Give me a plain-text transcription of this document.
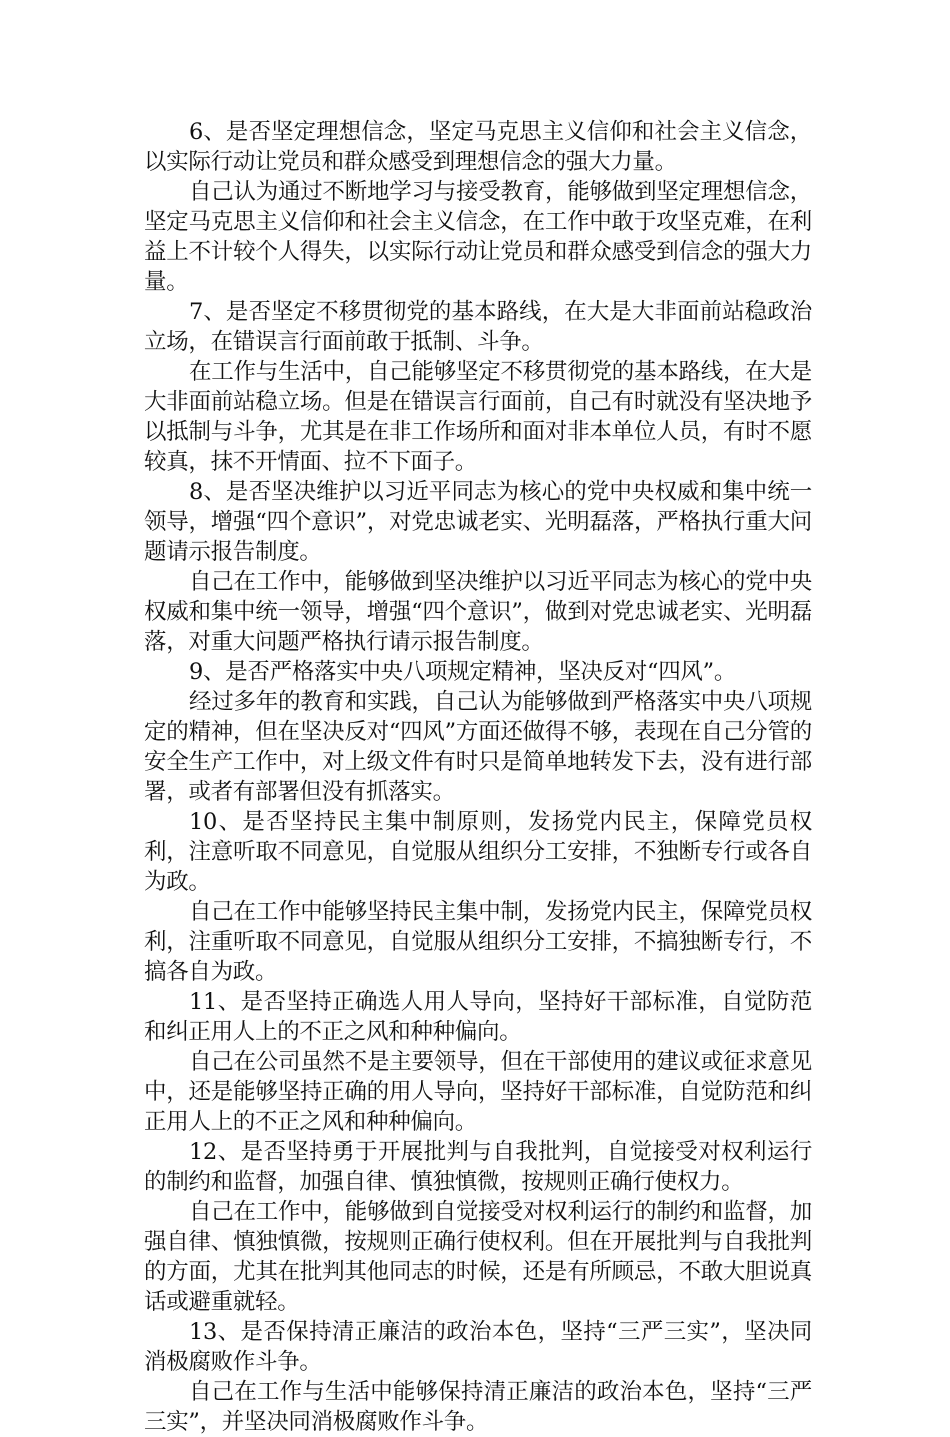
6、是否坚定理想信念，坚定马克思主义信仰和社会主义信念，以实际行动让党员和群众感受到理想信念的强大力量。

自己认为通过不断地学习与接受教育，能够做到坚定理想信念，坚定马克思主义信仰和社会主义信念，在工作中敢于攻坚克难，在利益上不计较个人得失，以实际行动让党员和群众感受到信念的强大力量。

7、是否坚定不移贯彻党的基本路线，在大是大非面前站稳政治立场，在错误言行面前敢于抵制、斗争。

在工作与生活中，自己能够坚定不移贯彻党的基本路线，在大是大非面前站稳立场。但是在错误言行面前，自己有时就没有坚决地予以抵制与斗争，尤其是在非工作场所和面对非本单位人员，有时不愿较真，抹不开情面、拉不下面子。

8、是否坚决维护以习近平同志为核心的党中央权威和集中统一领导，增强“四个意识”，对党忠诚老实、光明磊落，严格执行重大问题请示报告制度。

自己在工作中，能够做到坚决维护以习近平同志为核心的党中央权威和集中统一领导，增强“四个意识”，做到对党忠诚老实、光明磊落，对重大问题严格执行请示报告制度。

9、是否严格落实中央八项规定精神，坚决反对“四风”。

经过多年的教育和实践，自己认为能够做到严格落实中央八项规定的精神，但在坚决反对“四风”方面还做得不够，表现在自己分管的安全生产工作中，对上级文件有时只是简单地转发下去，没有进行部署，或者有部署但没有抓落实。

10、是否坚持民主集中制原则，发扬党内民主，保障党员权利，注意听取不同意见，自觉服从组织分工安排，不独断专行或各自为政。

自己在工作中能够坚持民主集中制，发扬党内民主，保障党员权利，注重听取不同意见，自觉服从组织分工安排，不搞独断专行，不搞各自为政。

11、是否坚持正确选人用人导向，坚持好干部标准，自觉防范和纠正用人上的不正之风和种种偏向。

自己在公司虽然不是主要领导，但在干部使用的建议或征求意见中，还是能够坚持正确的用人导向，坚持好干部标准，自觉防范和纠正用人上的不正之风和种种偏向。

12、是否坚持勇于开展批判与自我批判，自觉接受对权利运行的制约和监督，加强自律、慎独慎微，按规则正确行使权力。

自己在工作中，能够做到自觉接受对权利运行的制约和监督，加强自律、慎独慎微，按规则正确行使权利。但在开展批判与自我批判的方面，尤其在批判其他同志的时候，还是有所顾忌，不敢大胆说真话或避重就轻。

13、是否保持清正廉洁的政治本色，坚持“三严三实”，坚决同消极腐败作斗争。

自己在工作与生活中能够保持清正廉洁的政治本色，坚持“三严三实”，并坚决同消极腐败作斗争。
